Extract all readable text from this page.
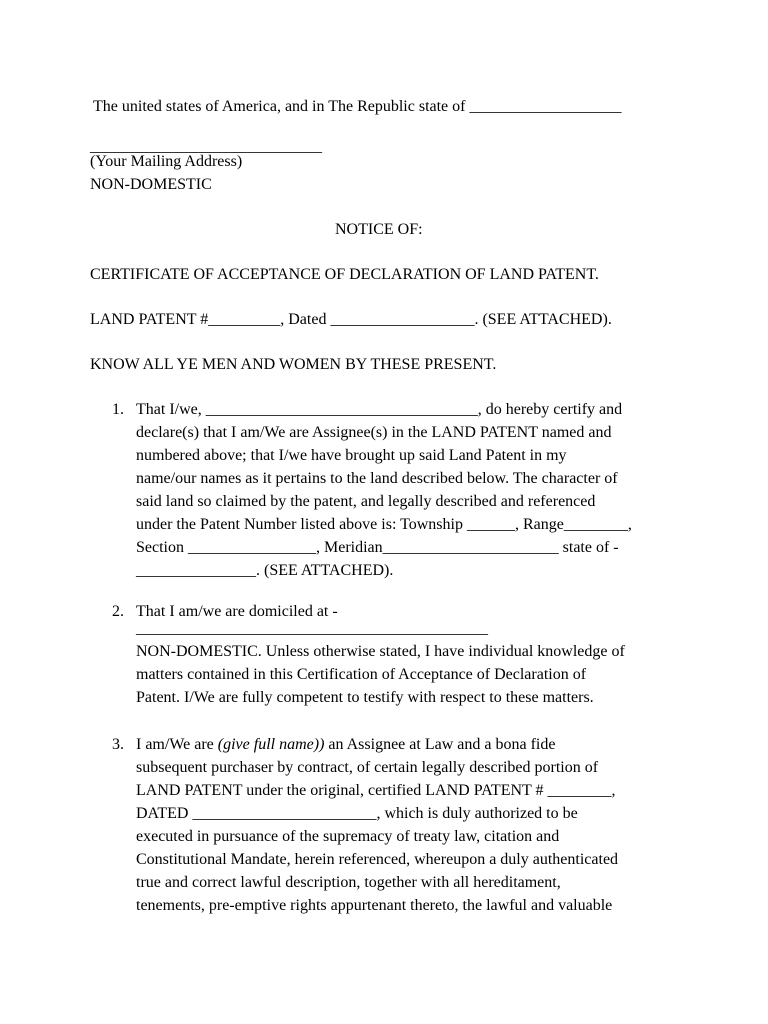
The united states of America, and in The Republic state of ___________________
_____________________________
(Your Mailing Address)
NON-DOMESTIC
NOTICE OF:
CERTIFICATE OF ACCEPTANCE OF DECLARATION OF LAND PATENT.
LAND PATENT #_________, Dated __________________. (SEE ATTACHED).
KNOW ALL YE MEN AND WOMEN BY THESE PRESENT.
1. That I/we, __________________________________, do hereby certify and
declare(s) that I am/We are Assignee(s) in the LAND PATENT named and
numbered above; that I/we have brought up said Land Patent in my
name/our names as it pertains to the land described below. The character of
said land so claimed by the patent, and legally described and referenced
under the Patent Number listed above is: Township ______, Range________,
Section ________________, Meridian______________________ state of -
_______________. (SEE ATTACHED).
2. That I am/we are domiciled at -
____________________________________________
NON-DOMESTIC. Unless otherwise stated, I have individual knowledge of
matters contained in this Certification of Acceptance of Declaration of
Patent. I/We are fully competent to testify with respect to these matters.
3. I am/We are (give full name)) an Assignee at Law and a bona fide
subsequent purchaser by contract, of certain legally described portion of
LAND PATENT under the original, certified LAND PATENT # ________,
DATED _______________________, which is duly authorized to be
executed in pursuance of the supremacy of treaty law, citation and
Constitutional Mandate, herein referenced, whereupon a duly authenticated
true and correct lawful description, together with all hereditament,
tenements, pre-emptive rights appurtenant thereto, the lawful and valuable
